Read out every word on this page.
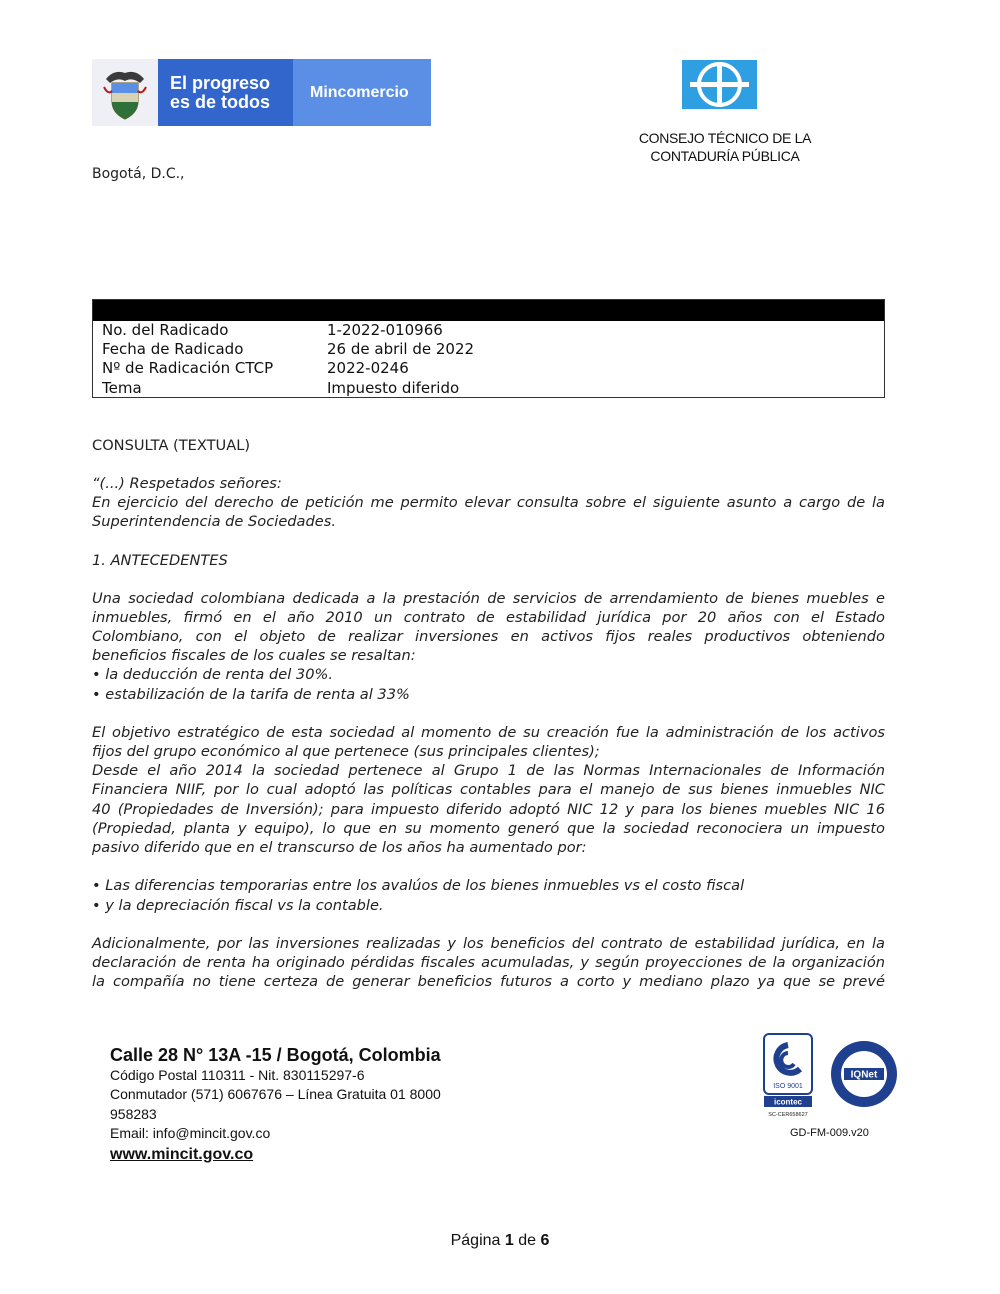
El progreso
es de todos	Mincomercio
CONSEJO TÉCNICO DE LA
CONTADURÍA PÚBLICA
Bogotá, D.C.,
No. del Radicado	1-2022-010966
Fecha de Radicado	26 de abril de 2022
Nº de Radicación CTCP	2022-0246
Tema	Impuesto diferido
CONSULTA (TEXTUAL)
“(...) Respetados señores:
En ejercicio del derecho de petición me permito elevar consulta sobre el siguiente asunto a cargo de la
Superintendencia de Sociedades.
1. ANTECEDENTES
Una sociedad colombiana dedicada a la prestación de servicios de arrendamiento de bienes muebles e
inmuebles, firmó en el año 2010 un contrato de estabilidad jurídica por 20 años con el Estado
Colombiano, con el objeto de realizar inversiones en activos fijos reales productivos obteniendo
beneficios fiscales de los cuales se resaltan:
• la deducción de renta del 30%.
• estabilización de la tarifa de renta al 33%
El objetivo estratégico de esta sociedad al momento de su creación fue la administración de los activos
fijos del grupo económico al que pertenece (sus principales clientes);
Desde el año 2014 la sociedad pertenece al Grupo 1 de las Normas Internacionales de Información
Financiera NIIF, por lo cual adoptó las políticas contables para el manejo de sus bienes inmuebles NIC
40 (Propiedades de Inversión); para impuesto diferido adoptó NIC 12 y para los bienes muebles NIC 16
(Propiedad, planta y equipo), lo que en su momento generó que la sociedad reconociera un impuesto
pasivo diferido que en el transcurso de los años ha aumentado por:
• Las diferencias temporarias entre los avalúos de los bienes inmuebles vs el costo fiscal
• y la depreciación fiscal vs la contable.
Adicionalmente, por las inversiones realizadas y los beneficios del contrato de estabilidad jurídica, en la
declaración de renta ha originado pérdidas fiscales acumuladas, y según proyecciones de la organización
la compañía no tiene certeza de generar beneficios futuros a corto y mediano plazo ya que se prevé
Calle 28 N° 13A -15 / Bogotá, Colombia
Código Postal 110311 - Nit. 830115297-6
Conmutador (571) 6067676 – Línea Gratuita 01 8000
958283
Email: info@mincit.gov.co
www.mincit.gov.co
ISO 9001
icontec
SC-CER658627
IQNet
GD-FM-009.v20
Página 1 de 6
